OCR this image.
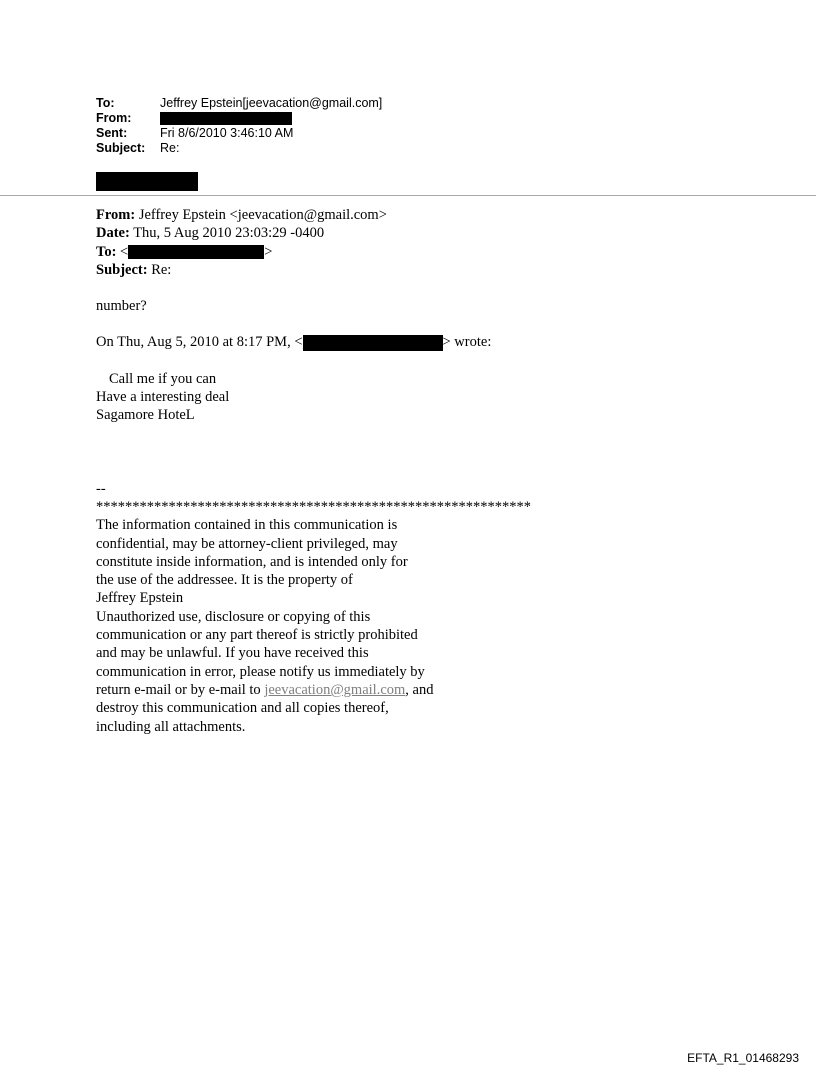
To:	Jeffrey Epstein[jeevacation@gmail.com]
From:
Sent:	Fri 8/6/2010 3:46:10 AM
Subject:	Re:

From: Jeffrey Epstein <jeevacation@gmail.com>

Date: Thu, 5 Aug 2010 23:03:29 -0400

To: <	>

Subject: Re:

number?

On Thu, Aug 5, 2010 at 8:17 PM, <	> wrote:

Call me if you can

Have a interesting deal

Sagamore HoteL

--

************************************************************

The information contained in this communication is

confidential, may be attorney-client privileged, may

constitute inside information, and is intended only for

the use of the addressee. It is the property of

Jeffrey Epstein

Unauthorized use, disclosure or copying of this

communication or any part thereof is strictly prohibited

and may be unlawful. If you have received this

communication in error, please notify us immediately by

return e-mail or by e-mail to jeevacation@gmail.com, and

destroy this communication and all copies thereof,

including all attachments.

EFTA_R1_01468293
